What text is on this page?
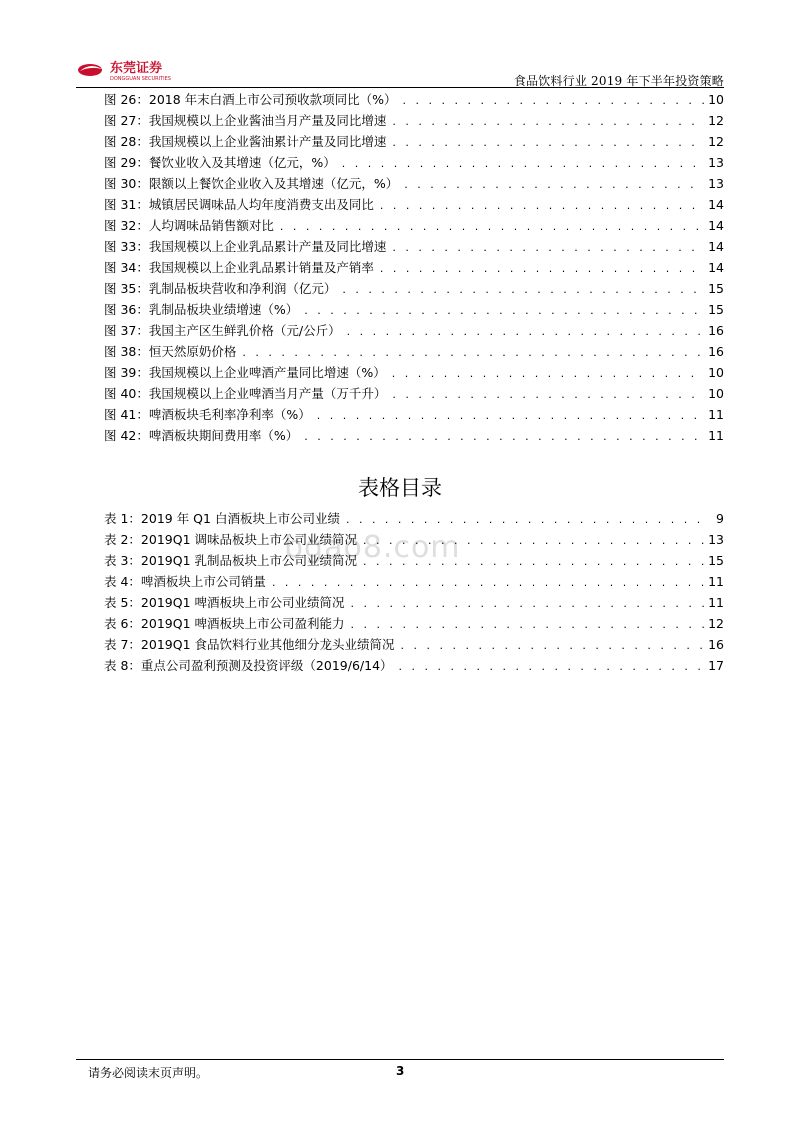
东莞证券
DONGGUAN SECURITIES	食品饮料行业 2019 年下半年投资策略
图 26：2018 年末白酒上市公司预收款项同比（%） . . .	10
图 27：我国规模以上企业酱油当月产量及同比增速 . . .	12
图 28：我国规模以上企业酱油累计产量及同比增速 . . .	12
图 29：餐饮业收入及其增速（亿元，%） . . .	13
图 30：限额以上餐饮企业收入及其增速（亿元，%） . . .	13
图 31：城镇居民调味品人均年度消费支出及同比 . . .	14
图 32：人均调味品销售额对比 . . .	14
图 33：我国规模以上企业乳品累计产量及同比增速 . . .	14
图 34：我国规模以上企业乳品累计销量及产销率 . . .	14
图 35：乳制品板块营收和净利润（亿元） . . .	15
图 36：乳制品板块业绩增速（%） . . .	15
图 37：我国主产区生鲜乳价格（元/公斤） . . .	16
图 38：恒天然原奶价格 . . .	16
图 39：我国规模以上企业啤酒产量同比增速（%） . . .	10
图 40：我国规模以上企业啤酒当月产量（万千升） . . .	10
图 41：啤酒板块毛利率净利率（%） . . .	11
图 42：啤酒板块期间费用率（%） . . .	11
表格目录
bgao8.com
表 1：2019 年 Q1 白酒板块上市公司业绩 . . .	9
表 2：2019Q1 调味品板块上市公司业绩简况 . . .	13
表 3：2019Q1 乳制品板块上市公司业绩简况 . . .	15
表 4：啤酒板块上市公司销量 . . .	11
表 5：2019Q1 啤酒板块上市公司业绩简况 . . .	11
表 6：2019Q1 啤酒板块上市公司盈利能力 . . .	12
表 7：2019Q1 食品饮料行业其他细分龙头业绩简况 . . .	16
表 8：重点公司盈利预测及投资评级（2019/6/14） . . .	17
请务必阅读末页声明。	3
